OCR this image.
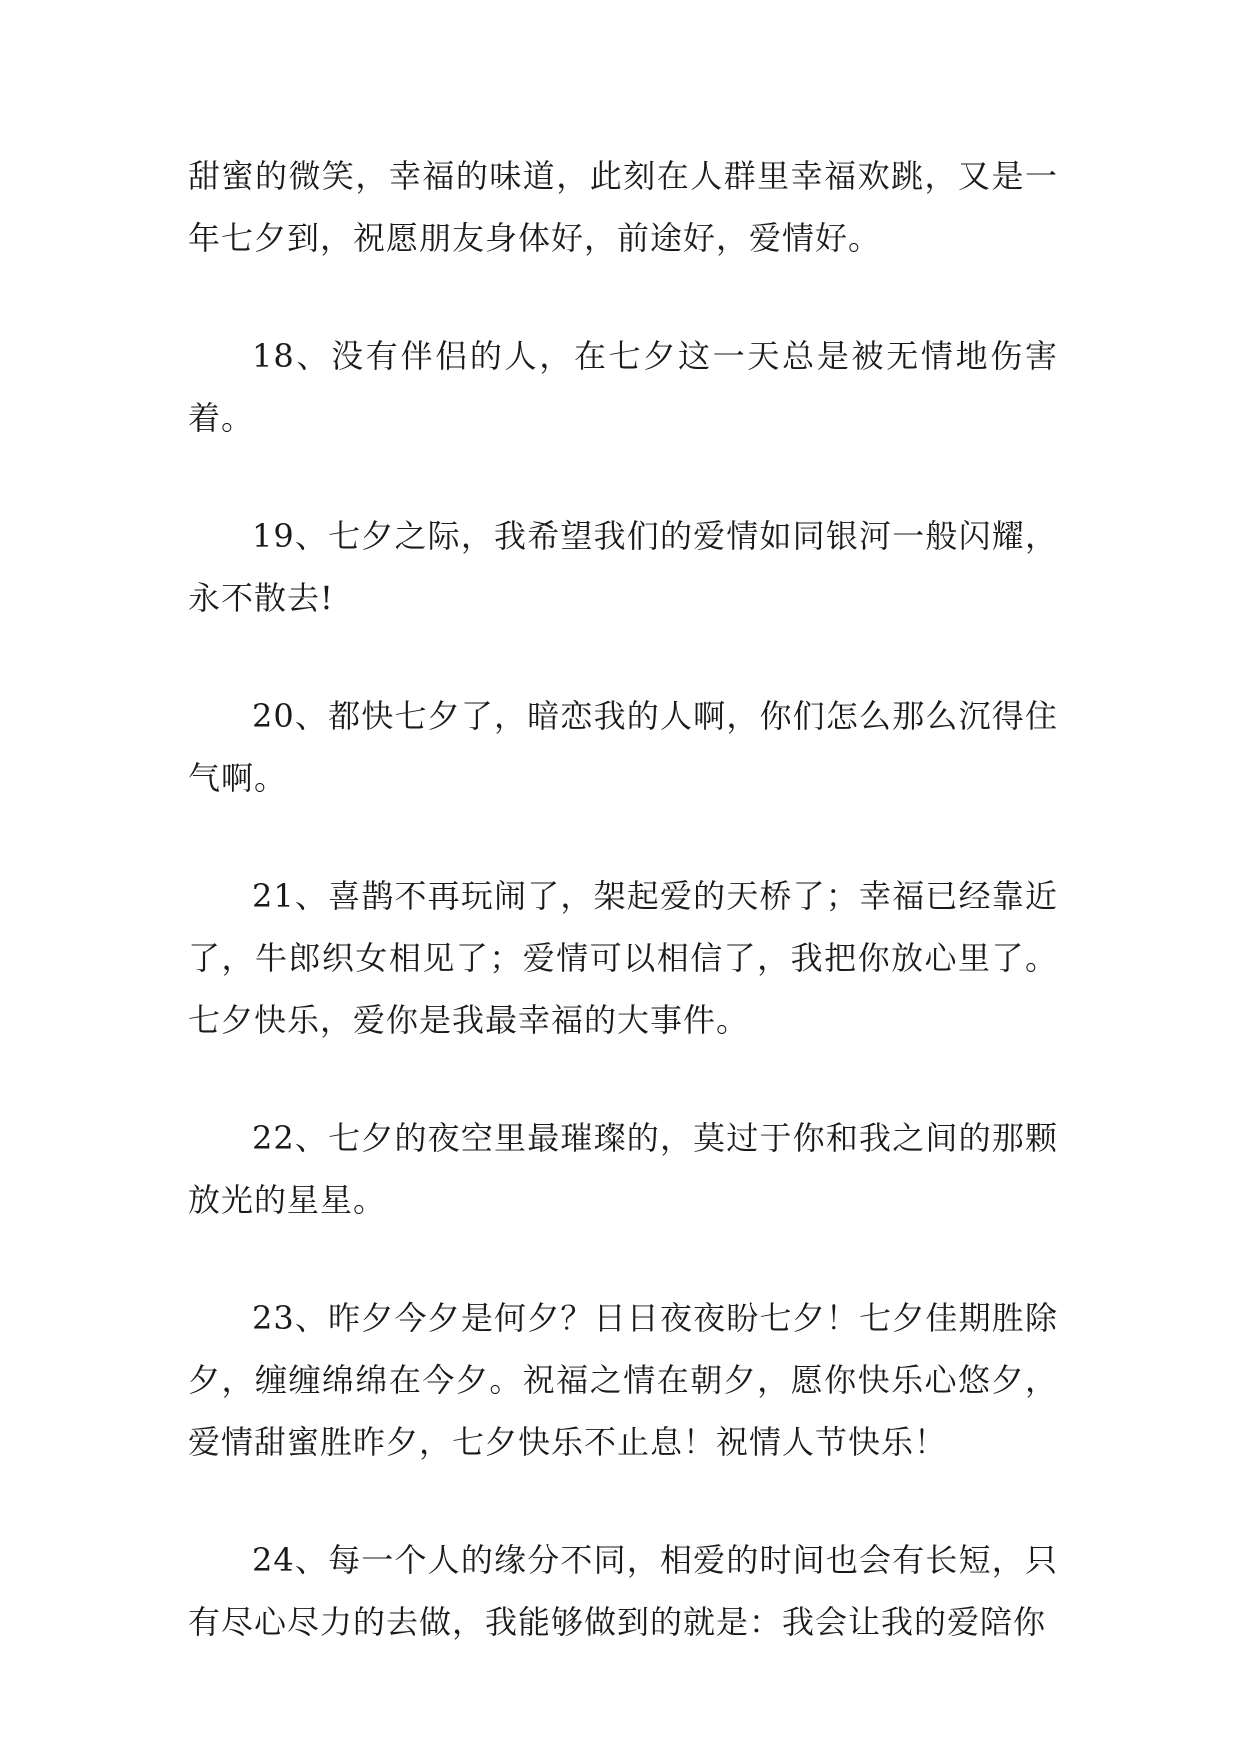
甜蜜的微笑，幸福的味道，此刻在人群里幸福欢跳，又是一年七夕到，祝愿朋友身体好，前途好，爱情好。

18、没有伴侣的人，在七夕这一天总是被无情地伤害着。

19、七夕之际，我希望我们的爱情如同银河一般闪耀，永不散去!

20、都快七夕了，暗恋我的人啊，你们怎么那么沉得住气啊。

21、喜鹊不再玩闹了，架起爱的天桥了；幸福已经靠近了，牛郎织女相见了；爱情可以相信了，我把你放心里了。七夕快乐，爱你是我最幸福的大事件。

22、七夕的夜空里最璀璨的，莫过于你和我之间的那颗放光的星星。

23、昨夕今夕是何夕？日日夜夜盼七夕！七夕佳期胜除夕，缠缠绵绵在今夕。祝福之情在朝夕，愿你快乐心悠夕，爱情甜蜜胜昨夕，七夕快乐不止息！祝情人节快乐！

24、每一个人的缘分不同，相爱的时间也会有长短，只有尽心尽力的去做，我能够做到的就是：我会让我的爱陪你
